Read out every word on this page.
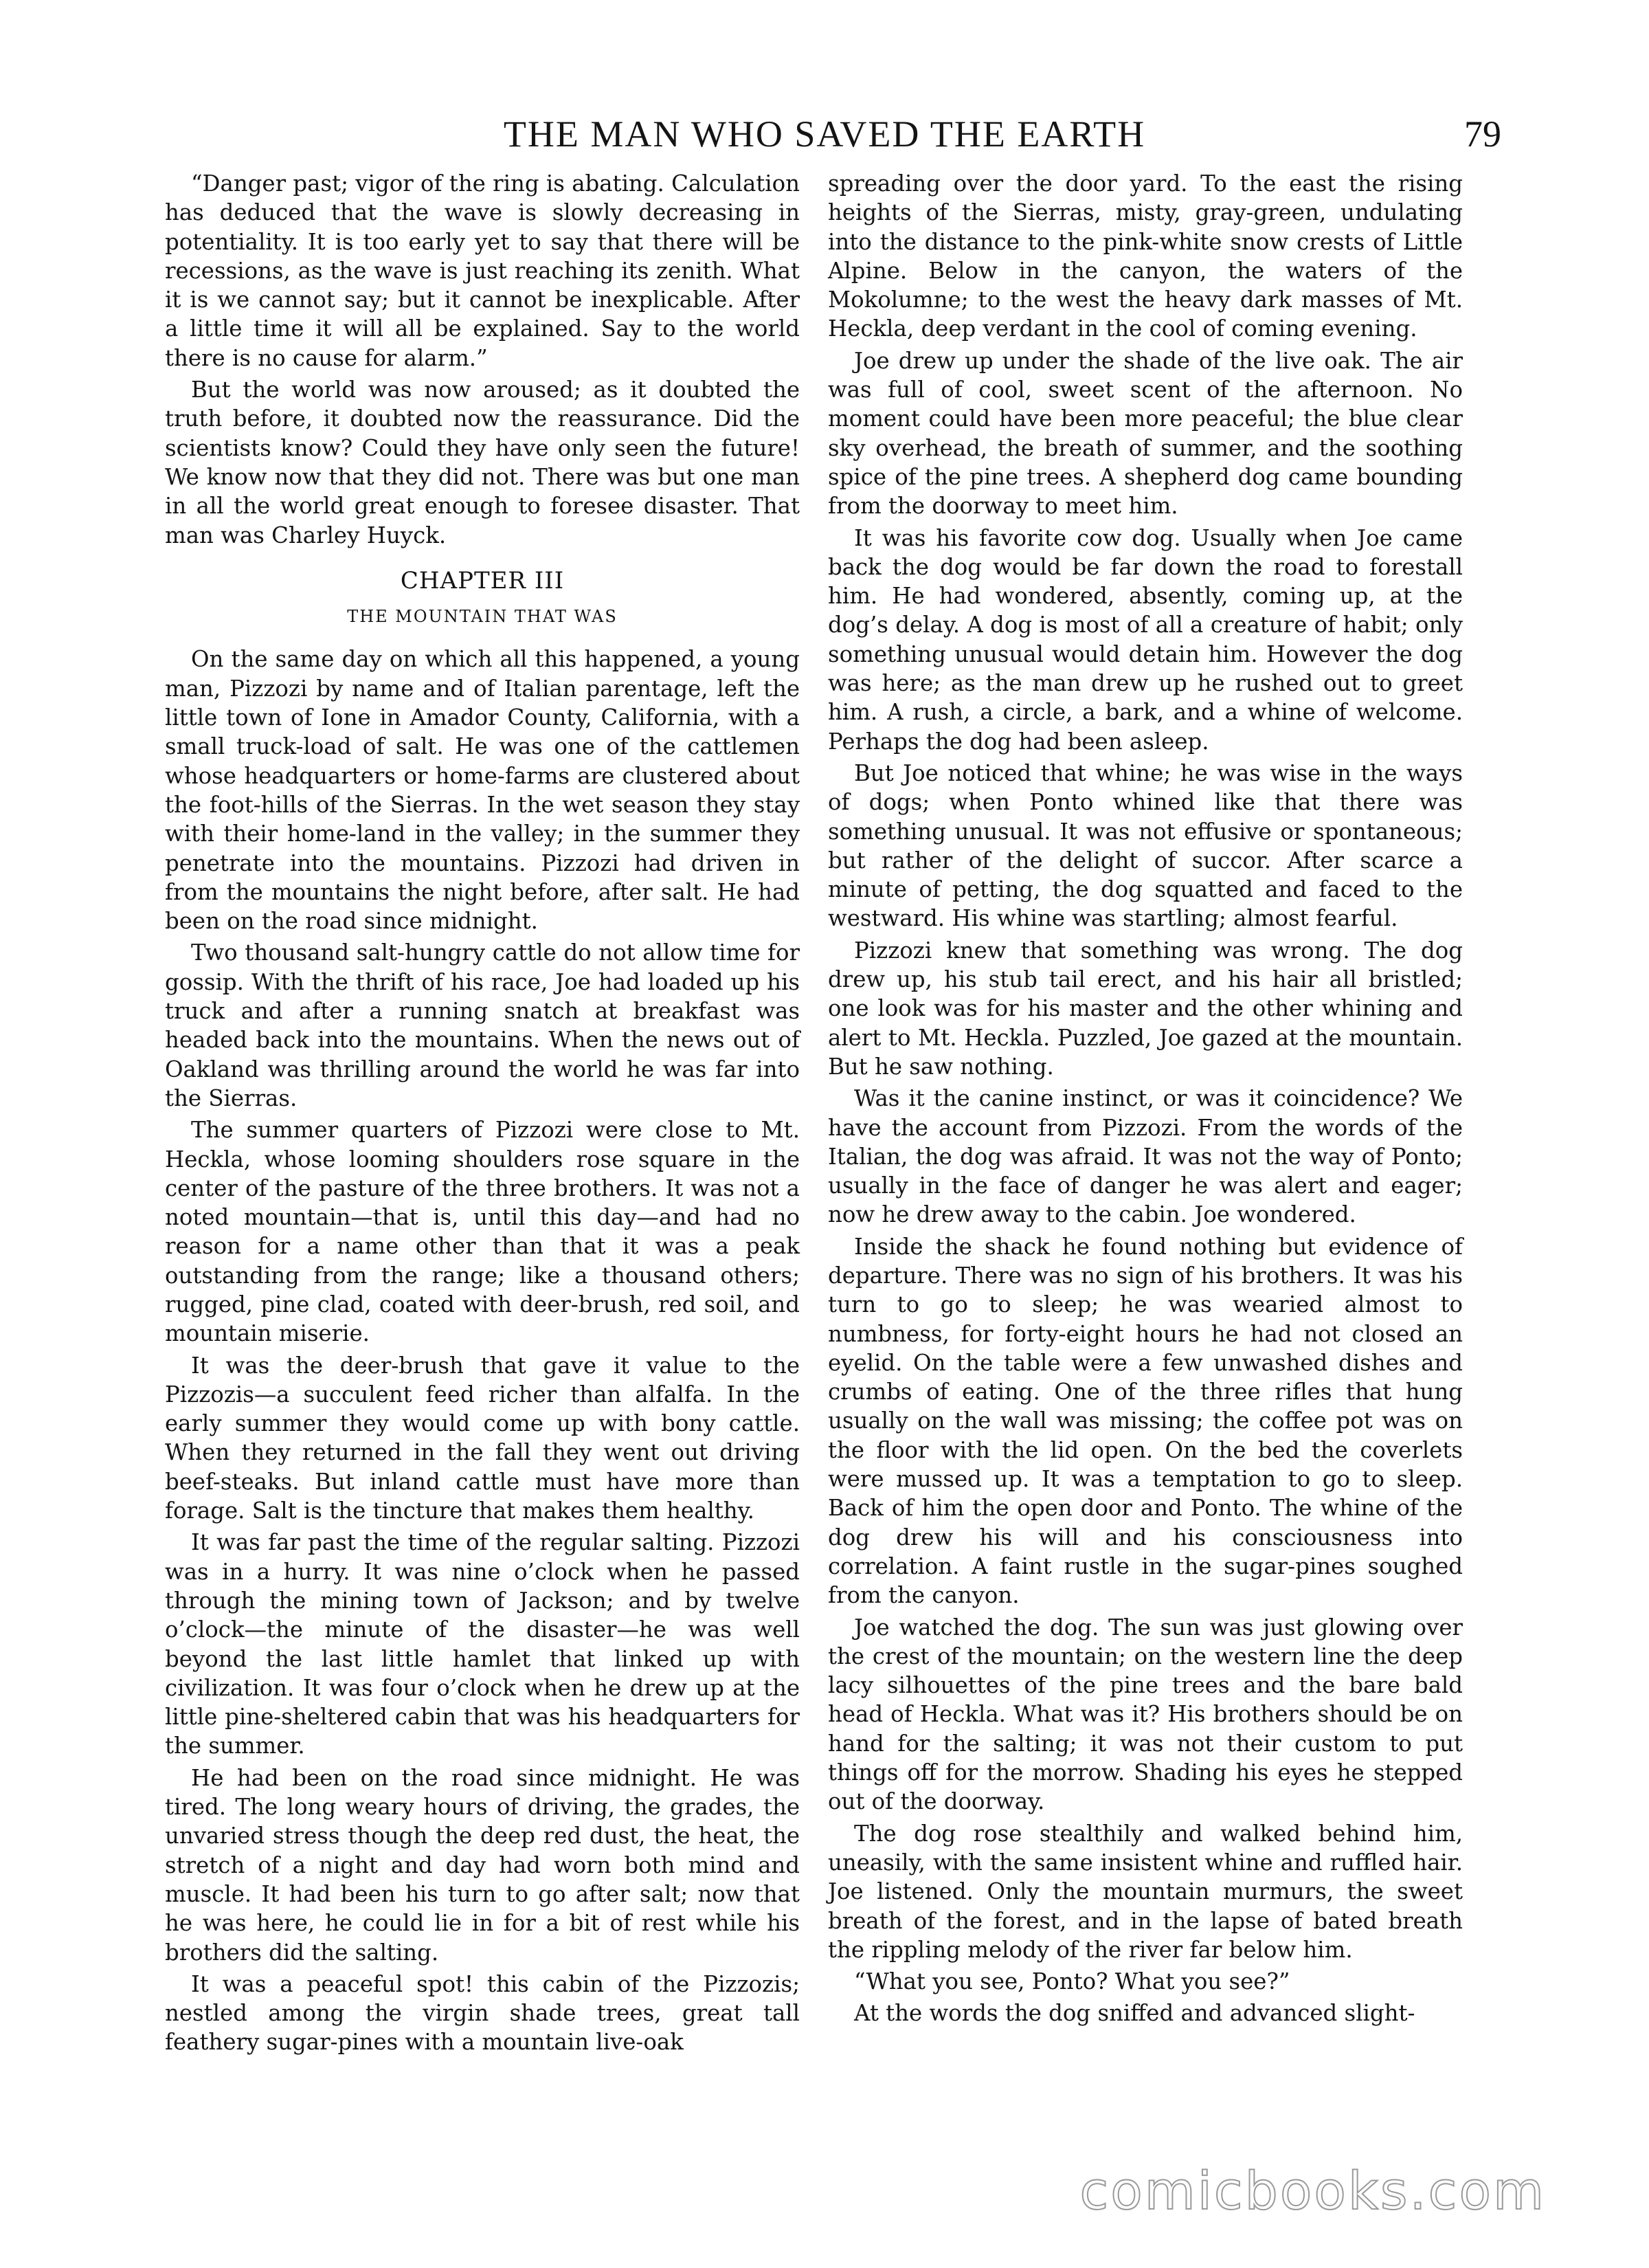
THE MAN WHO SAVED THE EARTH	79

“Danger past; vigor of the ring is abating. Calculation has deduced that the wave is slowly decreasing in potentiality. It is too early yet to say that there will be recessions, as the wave is just reaching its zenith. What it is we cannot say; but it cannot be inexplicable. After a little time it will all be explained. Say to the world there is no cause for alarm.”

But the world was now aroused; as it doubted the truth before, it doubted now the reassurance. Did the scientists know? Could they have only seen the future! We know now that they did not. There was but one man in all the world great enough to foresee disaster. That man was Charley Huyck.

CHAPTER III
THE MOUNTAIN THAT WAS

On the same day on which all this happened, a young man, Pizzozi by name and of Italian parentage, left the little town of Ione in Amador County, California, with a small truck-load of salt. He was one of the cattlemen whose headquarters or home-farms are clustered about the foot-hills of the Sierras. In the wet season they stay with their home-land in the valley; in the summer they penetrate into the mountains. Pizzozi had driven in from the mountains the night before, after salt. He had been on the road since midnight.

Two thousand salt-hungry cattle do not allow time for gossip. With the thrift of his race, Joe had loaded up his truck and after a running snatch at breakfast was headed back into the mountains. When the news out of Oakland was thrilling around the world he was far into the Sierras.

The summer quarters of Pizzozi were close to Mt. Heckla, whose looming shoulders rose square in the center of the pasture of the three brothers. It was not a noted mountain—that is, until this day—and had no reason for a name other than that it was a peak outstanding from the range; like a thousand others; rugged, pine clad, coated with deer-brush, red soil, and mountain miserie.

It was the deer-brush that gave it value to the Pizzozis—a succulent feed richer than alfalfa. In the early summer they would come up with bony cattle. When they returned in the fall they went out driving beef-steaks. But inland cattle must have more than forage. Salt is the tincture that makes them healthy.

It was far past the time of the regular salting. Pizzozi was in a hurry. It was nine o’clock when he passed through the mining town of Jackson; and by twelve o’clock—the minute of the disaster—he was well beyond the last little hamlet that linked up with civilization. It was four o’clock when he drew up at the little pine-sheltered cabin that was his headquarters for the summer.

He had been on the road since midnight. He was tired. The long weary hours of driving, the grades, the unvaried stress though the deep red dust, the heat, the stretch of a night and day had worn both mind and muscle. It had been his turn to go after salt; now that he was here, he could lie in for a bit of rest while his brothers did the salting.

It was a peaceful spot! this cabin of the Pizzozis; nestled among the virgin shade trees, great tall feathery sugar-pines with a mountain live-oak

spreading over the door yard. To the east the rising heights of the Sierras, misty, gray-green, undulating into the distance to the pink-white snow crests of Little Alpine. Below in the canyon, the waters of the Mokolumne; to the west the heavy dark masses of Mt. Heckla, deep verdant in the cool of coming evening.

Joe drew up under the shade of the live oak. The air was full of cool, sweet scent of the afternoon. No moment could have been more peaceful; the blue clear sky overhead, the breath of summer, and the soothing spice of the pine trees. A shepherd dog came bounding from the doorway to meet him.

It was his favorite cow dog. Usually when Joe came back the dog would be far down the road to forestall him. He had wondered, absently, coming up, at the dog’s delay. A dog is most of all a creature of habit; only something unusual would detain him. However the dog was here; as the man drew up he rushed out to greet him. A rush, a circle, a bark, and a whine of welcome. Perhaps the dog had been asleep.

But Joe noticed that whine; he was wise in the ways of dogs; when Ponto whined like that there was something unusual. It was not effusive or spontaneous; but rather of the delight of succor. After scarce a minute of petting, the dog squatted and faced to the westward. His whine was startling; almost fearful.

Pizzozi knew that something was wrong. The dog drew up, his stub tail erect, and his hair all bristled; one look was for his master and the other whining and alert to Mt. Heckla. Puzzled, Joe gazed at the mountain. But he saw nothing.

Was it the canine instinct, or was it coincidence? We have the account from Pizzozi. From the words of the Italian, the dog was afraid. It was not the way of Ponto; usually in the face of danger he was alert and eager; now he drew away to the cabin. Joe wondered.

Inside the shack he found nothing but evidence of departure. There was no sign of his brothers. It was his turn to go to sleep; he was wearied almost to numbness, for forty-eight hours he had not closed an eyelid. On the table were a few unwashed dishes and crumbs of eating. One of the three rifles that hung usually on the wall was missing; the coffee pot was on the floor with the lid open. On the bed the coverlets were mussed up. It was a temptation to go to sleep. Back of him the open door and Ponto. The whine of the dog drew his will and his consciousness into correlation. A faint rustle in the sugar-pines soughed from the canyon.

Joe watched the dog. The sun was just glowing over the crest of the mountain; on the western line the deep lacy silhouettes of the pine trees and the bare bald head of Heckla. What was it? His brothers should be on hand for the salting; it was not their custom to put things off for the morrow. Shading his eyes he stepped out of the doorway.

The dog rose stealthily and walked behind him, uneasily, with the same insistent whine and ruffled hair. Joe listened. Only the mountain murmurs, the sweet breath of the forest, and in the lapse of bated breath the rippling melody of the river far below him.

“What you see, Ponto? What you see?”

At the words the dog sniffed and advanced slight-

comicbooks.com
